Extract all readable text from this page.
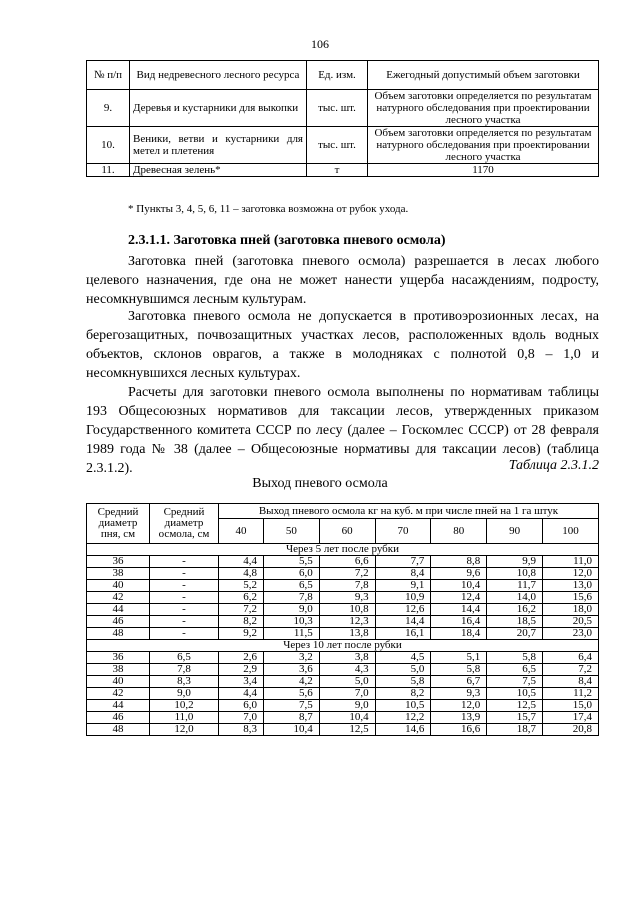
106
№ п/п	Вид недревесного лесного ресурса	Ед. изм.	Ежегодный допустимый объем заготовки
9.	Деревья и кустарники для выкопки	тыс. шт.	Объем заготовки определяется по результатам натурного обследования при проектировании лесного участка
10.	Веники, ветви и кустарники для метел и плетения	тыс. шт.	Объем заготовки определяется по результатам натурного обследования при проектировании лесного участка
11.	Древесная зелень*	т	1170
* Пункты 3, 4, 5, 6, 11 – заготовка возможна от рубок ухода.
2.3.1.1. Заготовка пней (заготовка пневого осмола)
Заготовка пней (заготовка пневого осмола) разрешается в лесах любого целевого назначения, где она не может нанести ущерба насаждениям, подросту, несомкнувшимся лесным культурам.
Заготовка пневого осмола не допускается в противоэрозионных лесах, на берегозащитных, почвозащитных участках лесов, расположенных вдоль водных объектов, склонов оврагов, а также в молодняках с полнотой 0,8 – 1,0 и несомкнувшихся лесных культурах.
Расчеты для заготовки пневого осмола выполнены по нормативам таблицы 193 Общесоюзных нормативов для таксации лесов, утвержденных приказом Государственного комитета СССР по лесу (далее – Госкомлес СССР) от 28 февраля 1989 года № 38 (далее – Общесоюзные нормативы для таксации лесов) (таблица 2.3.1.2).	Таблица 2.3.1.2
Выход пневого осмола
Средний диаметр пня, см	Средний диаметр осмола, см	Выход пневого осмола кг на куб. м при числе пней на 1 га штук						
		40	50	60	70	80	90	100
Через 5 лет после рубки								
36	-	4,4	5,5	6,6	7,7	8,8	9,9	11,0
38	-	4,8	6,0	7,2	8,4	9,6	10,8	12,0
40	-	5,2	6,5	7,8	9,1	10,4	11,7	13,0
42	-	6,2	7,8	9,3	10,9	12,4	14,0	15,6
44	-	7,2	9,0	10,8	12,6	14,4	16,2	18,0
46	-	8,2	10,3	12,3	14,4	16,4	18,5	20,5
48	-	9,2	11,5	13,8	16,1	18,4	20,7	23,0
Через 10 лет после рубки								
36	6,5	2,6	3,2	3,8	4,5	5,1	5,8	6,4
38	7,8	2,9	3,6	4,3	5,0	5,8	6,5	7,2
40	8,3	3,4	4,2	5,0	5,8	6,7	7,5	8,4
42	9,0	4,4	5,6	7,0	8,2	9,3	10,5	11,2
44	10,2	6,0	7,5	9,0	10,5	12,0	12,5	15,0
46	11,0	7,0	8,7	10,4	12,2	13,9	15,7	17,4
48	12,0	8,3	10,4	12,5	14,6	16,6	18,7	20,8
